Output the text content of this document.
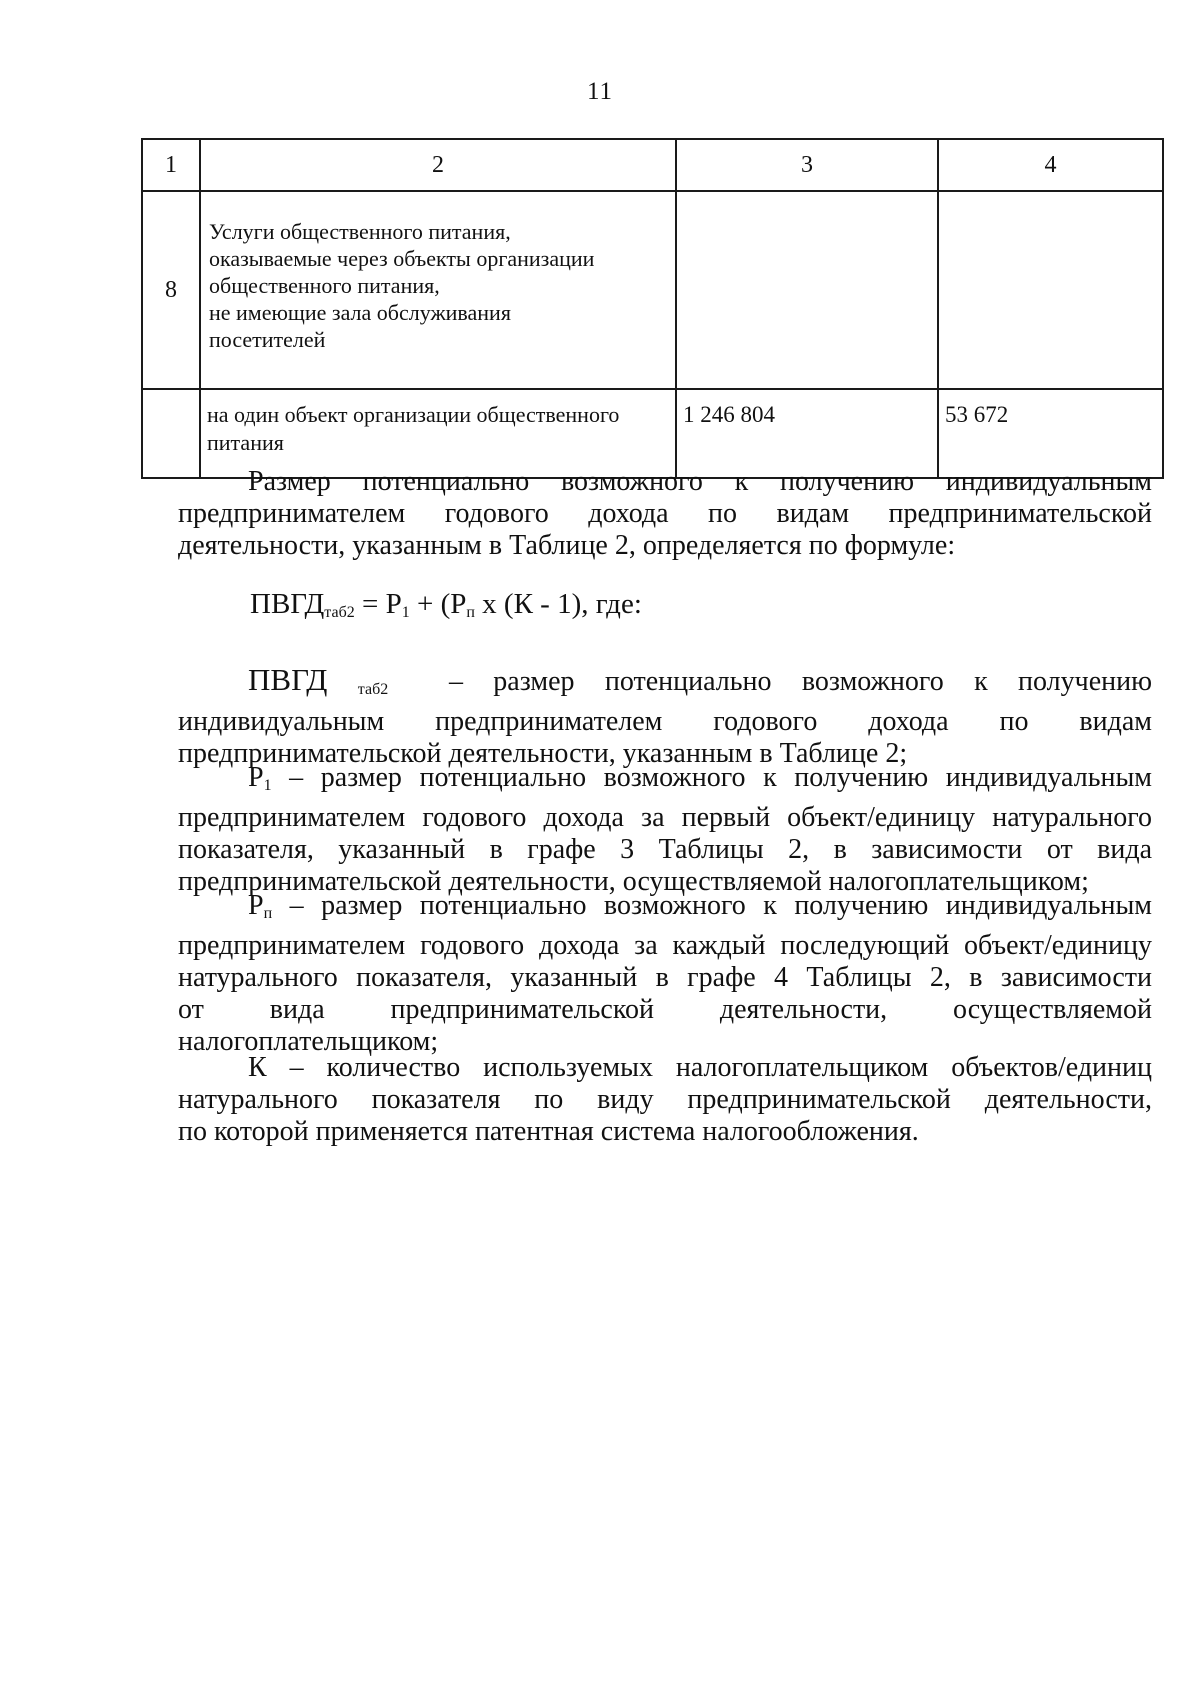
11
1	2	3	4
8	Услуги общественного питания,
оказываемые через объекты организации
общественного питания,
не имеющие зала обслуживания
посетителей		

	на один объект организации общественного питания	1 246 804	53 672
Размер потенциально возможного к получению индивидуальным
предпринимателем годового дохода по видам предпринимательской
деятельности, указанным в Таблице 2, определяется по формуле:
$ПВГД_{таб2} = Р_1 + (Р_п$ х (К - 1), где:
ПВГД $_{таб2}$ – размер потенциально возможного к получению
индивидуальным предпринимателем годового дохода по видам
предпринимательской деятельности, указанным в Таблице 2;
$Р_1$ – размер потенциально возможного к получению индивидуальным
предпринимателем годового дохода за первый объект/единицу натурального
показателя, указанный в графе 3 Таблицы 2, в зависимости от вида
предпринимательской деятельности, осуществляемой налогоплательщиком;
$Р_п$ – размер потенциально возможного к получению индивидуальным
предпринимателем годового дохода за каждый последующий объект/единицу
натурального показателя, указанный в графе 4 Таблицы 2, в зависимости
от вида предпринимательской деятельности, осуществляемой
налогоплательщиком;
К – количество используемых налогоплательщиком объектов/единиц
натурального показателя по виду предпринимательской деятельности,
по которой применяется патентная система налогообложения.
